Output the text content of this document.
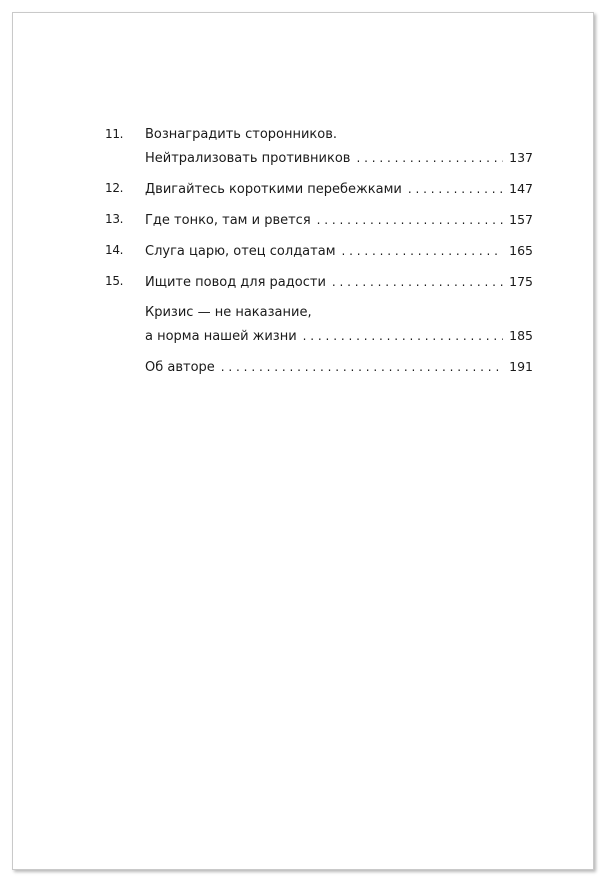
11.	Вознаградить сторонников.
Нейтрализовать противников . . .	137
12.	Двигайтесь короткими перебежками . . .	147
13.	Где тонко, там и рвется . . .	157
14.	Слуга царю, отец солдатам . . .	165
15.	Ищите повод для радости . . .	175
Кризис — не наказание,
а норма нашей жизни . . .	185
Об авторе . . .	191
